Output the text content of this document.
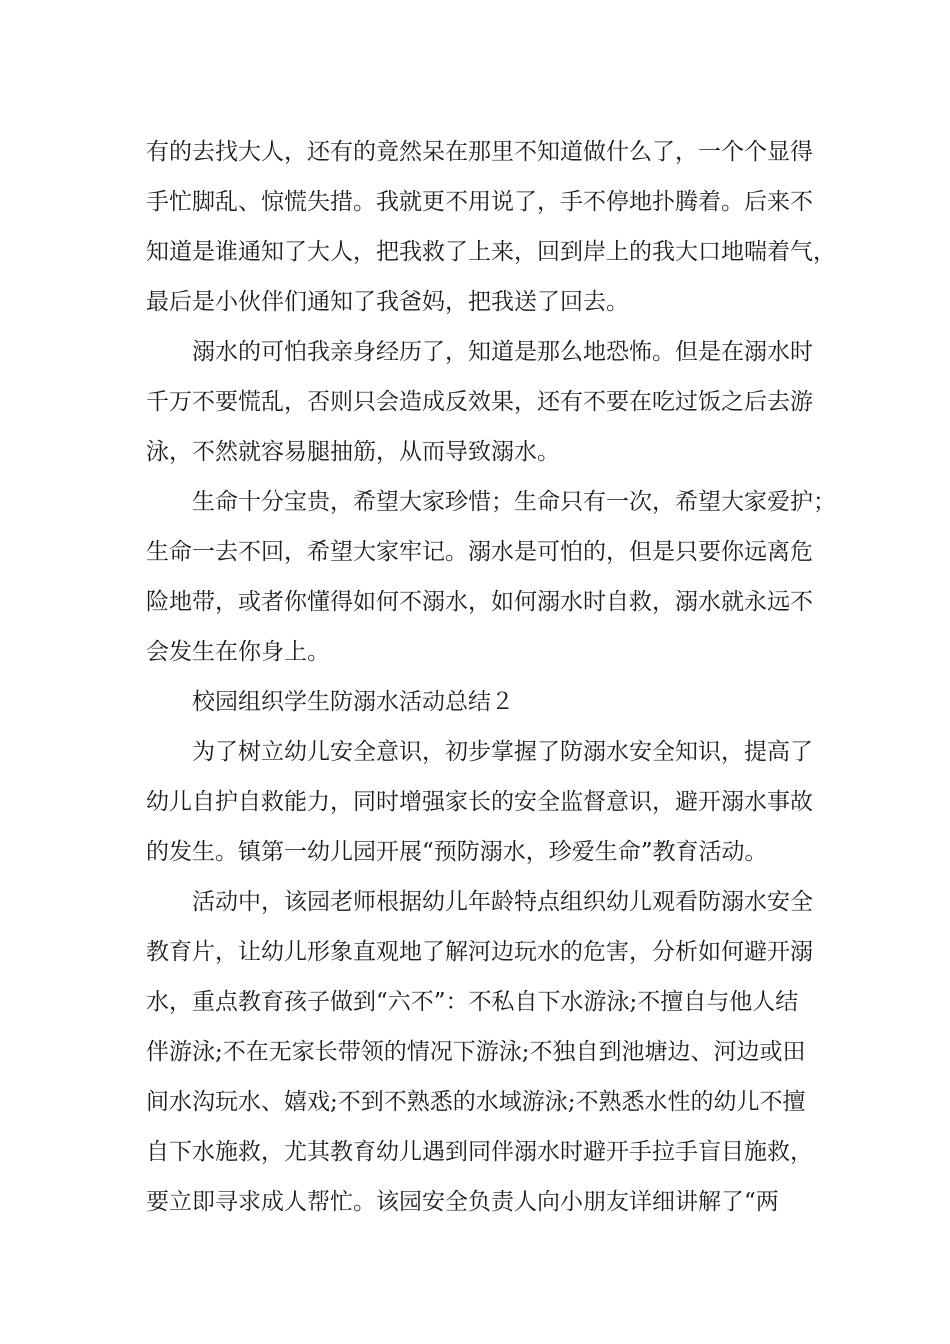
有的去找大人，还有的竟然呆在那里不知道做什么了，一个个显得
手忙脚乱、惊慌失措。我就更不用说了，手不停地扑腾着。后来不
知道是谁通知了大人，把我救了上来，回到岸上的我大口地喘着气，
最后是小伙伴们通知了我爸妈，把我送了回去。
溺水的可怕我亲身经历了，知道是那么地恐怖。但是在溺水时
千万不要慌乱，否则只会造成反效果，还有不要在吃过饭之后去游
泳，不然就容易腿抽筋，从而导致溺水。
生命十分宝贵，希望大家珍惜；生命只有一次，希望大家爱护；
生命一去不回，希望大家牢记。溺水是可怕的，但是只要你远离危
险地带，或者你懂得如何不溺水，如何溺水时自救，溺水就永远不
会发生在你身上。
校园组织学生防溺水活动总结２
为了树立幼儿安全意识，初步掌握了防溺水安全知识，提高了
幼儿自护自救能力，同时增强家长的安全监督意识，避开溺水事故
的发生。镇第一幼儿园开展“预防溺水，珍爱生命”教育活动。
活动中，该园老师根据幼儿年龄特点组织幼儿观看防溺水安全
教育片，让幼儿形象直观地了解河边玩水的危害，分析如何避开溺
水，重点教育孩子做到“六不”：不私自下水游泳;不擅自与他人结
伴游泳;不在无家长带领的情况下游泳;不独自到池塘边、河边或田
间水沟玩水、嬉戏;不到不熟悉的水域游泳;不熟悉水性的幼儿不擅
自下水施救，尤其教育幼儿遇到同伴溺水时避开手拉手盲目施救，
要立即寻求成人帮忙。该园安全负责人向小朋友详细讲解了“两
